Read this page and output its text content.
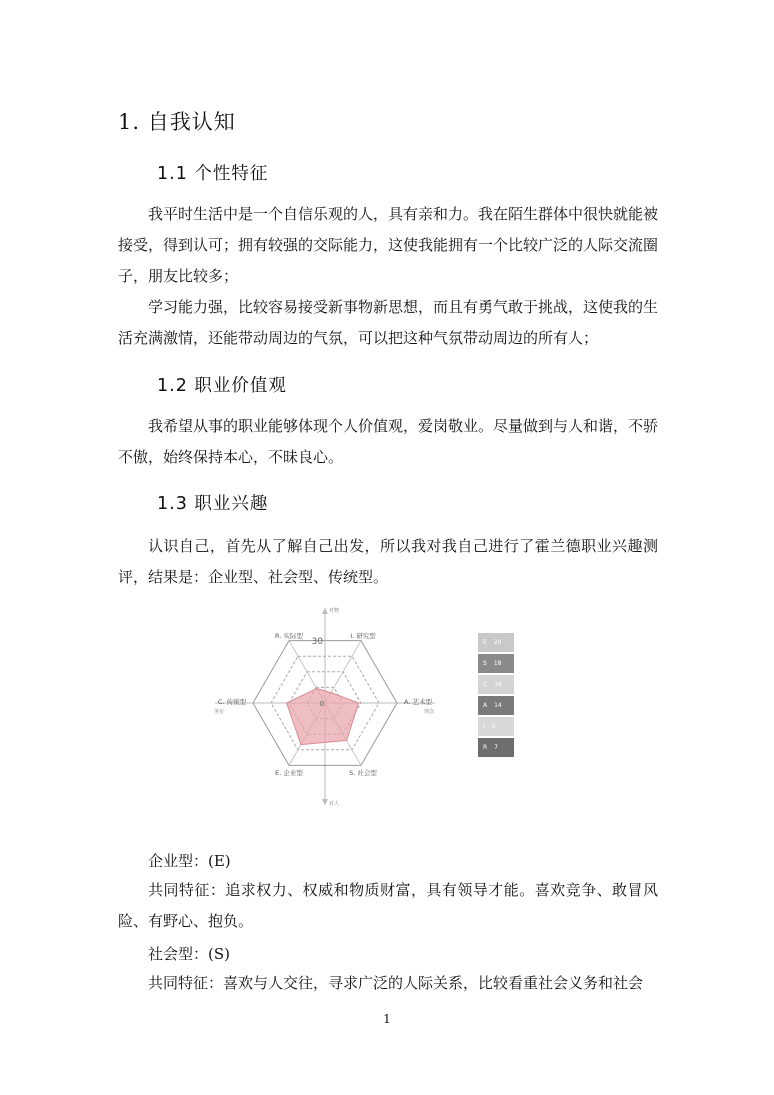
1. 自我认知
1.1 个性特征
我平时生活中是一个自信乐观的人，具有亲和力。我在陌生群体中很快就能被接受，得到认可；拥有较强的交际能力，这使我能拥有一个比较广泛的人际交流圈子，朋友比较多；
学习能力强，比较容易接受新事物新思想，而且有勇气敢于挑战，这使我的生活充满激情，还能带动周边的气氛，可以把这种气氛带动周边的所有人；
1.2 职业价值观
我希望从事的职业能够体现个人价值观，爱岗敬业。尽量做到与人和谐，不骄不傲，始终保持本心，不昧良心。
1.3 职业兴趣
认识自己，首先从了解自己出发，所以我对我自己进行了霍兰德职业兴趣测评，结果是：企业型、社会型、传统型。
R. 实际型	I. 研究型
A. 艺术型
S. 社会型
E. 企业型
C. 传统型
30
0
对物
对人
务实	理念
E 20
S 18
C 16
A 14
I 5
R 7
企业型：(E)
共同特征：追求权力、权威和物质财富，具有领导才能。喜欢竞争、敢冒风险、有野心、抱负。
社会型：(S)
共同特征：喜欢与人交往，寻求广泛的人际关系，比较看重社会义务和社会
1
